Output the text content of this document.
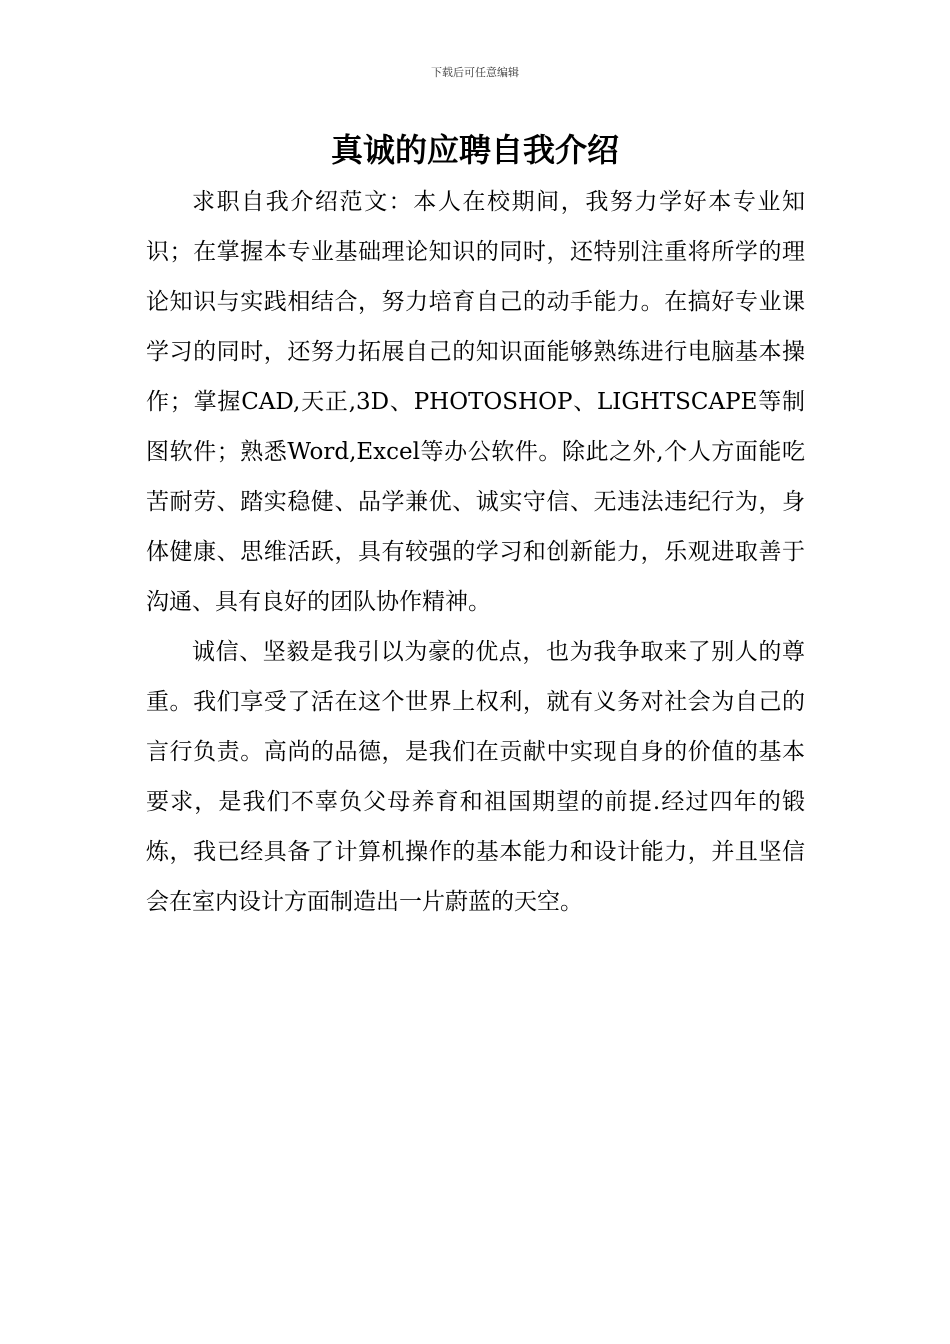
下载后可任意编辑
真诚的应聘自我介绍

求职自我介绍范文：本人在校期间，我努力学好本专业知识；在掌握本专业基础理论知识的同时，还特别注重将所学的理论知识与实践相结合，努力培育自己的动手能力。在搞好专业课学习的同时，还努力拓展自己的知识面能够熟练进行电脑基本操作；掌握CAD,天正,3D、PHOTOSHOP、LIGHTSCAPE等制图软件；熟悉Word,Excel等办公软件。除此之外,个人方面能吃苦耐劳、踏实稳健、品学兼优、诚实守信、无违法违纪行为，身体健康、思维活跃，具有较强的学习和创新能力，乐观进取善于沟通、具有良好的团队协作精神。

诚信、坚毅是我引以为豪的优点，也为我争取来了别人的尊重。我们享受了活在这个世界上权利，就有义务对社会为自己的言行负责。高尚的品德，是我们在贡献中实现自身的价值的基本要求，是我们不辜负父母养育和祖国期望的前提.经过四年的锻炼，我已经具备了计算机操作的基本能力和设计能力，并且坚信会在室内设计方面制造出一片蔚蓝的天空。
